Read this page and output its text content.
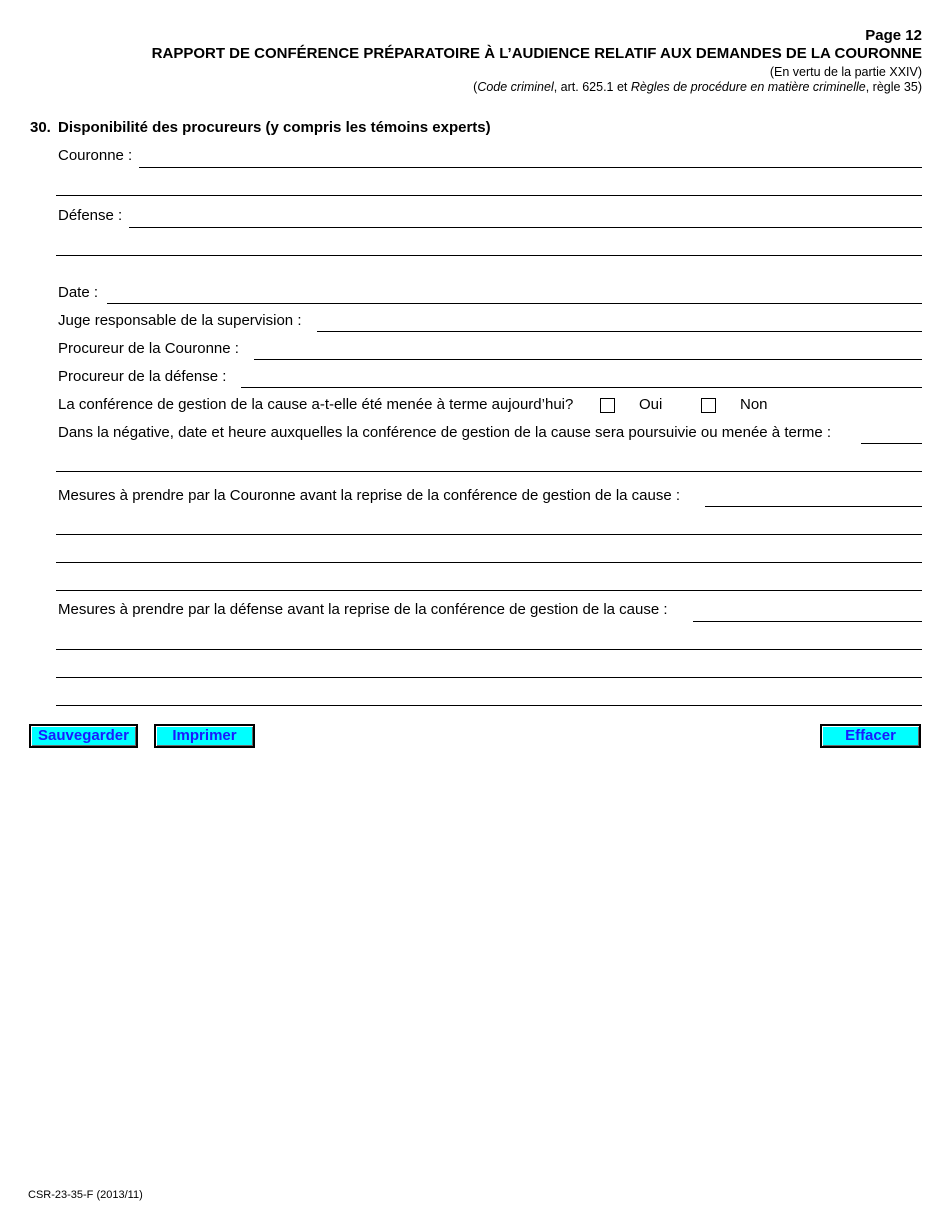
Page 12
RAPPORT DE CONFÉRENCE PRÉPARATOIRE À L’AUDIENCE RELATIF AUX DEMANDES DE LA COURONNE
(En vertu de la partie XXIV)
(Code criminel, art. 625.1 et Règles de procédure en matière criminelle, règle 35)
30. Disponibilité des procureurs (y compris les témoins experts)
Couronne :
Défense :
Date :
Juge responsable de la supervision :
Procureur de la Couronne :
Procureur de la défense :
La conférence de gestion de la cause a-t-elle été menée à terme aujourd’hui?	Oui	Non
Dans la négative, date et heure auxquelles la conférence de gestion de la cause sera poursuivie ou menée à terme :
Mesures à prendre par la Couronne avant la reprise de la conférence de gestion de la cause :
Mesures à prendre par la défense avant la reprise de la conférence de gestion de la cause :
Sauvegarder	Imprimer	Effacer
CSR-23-35-F (2013/11)
